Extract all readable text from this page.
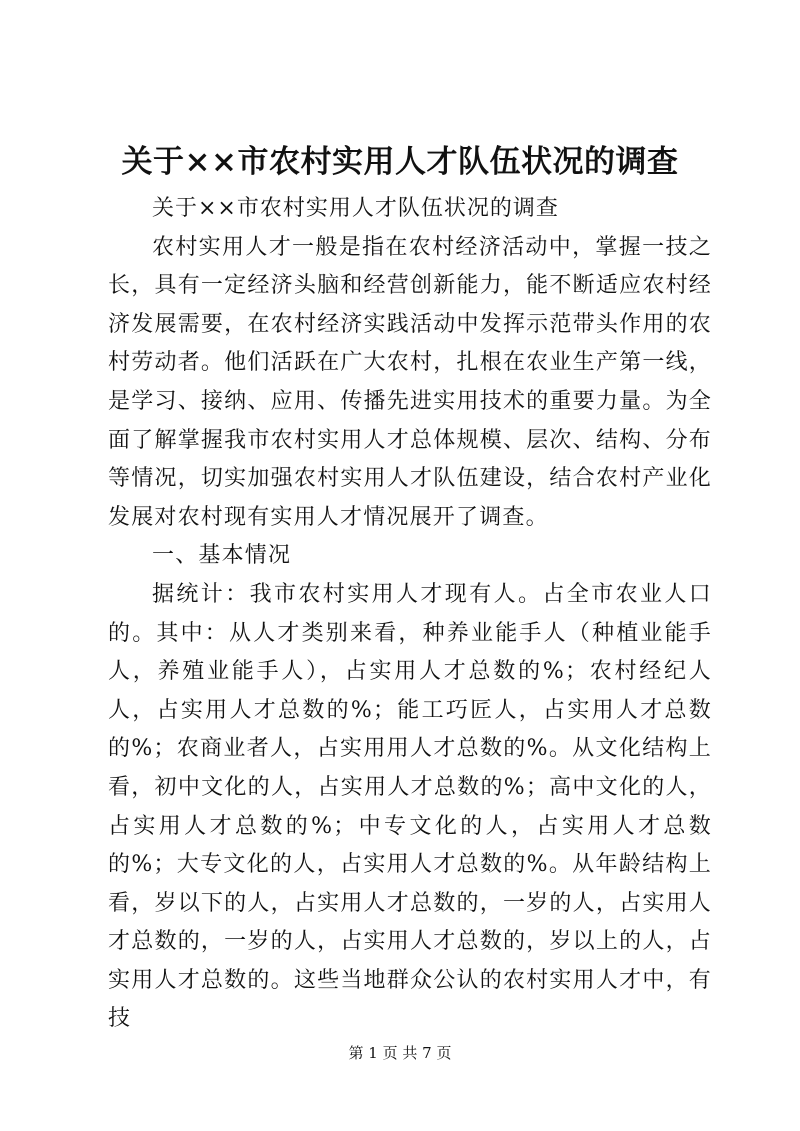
关于××市农村实用人才队伍状况的调查

关于××市农村实用人才队伍状况的调查

农村实用人才一般是指在农村经济活动中，掌握一技之长，具有一定经济头脑和经营创新能力，能不断适应农村经济发展需要，在农村经济实践活动中发挥示范带头作用的农村劳动者。他们活跃在广大农村，扎根在农业生产第一线，是学习、接纳、应用、传播先进实用技术的重要力量。为全面了解掌握我市农村实用人才总体规模、层次、结构、分布等情况，切实加强农村实用人才队伍建设，结合农村产业化发展对农村现有实用人才情况展开了调查。

一、基本情况

据统计：我市农村实用人才现有人。占全市农业人口的。其中：从人才类别来看，种养业能手人（种植业能手人，养殖业能手人），占实用人才总数的%；农村经纪人人，占实用人才总数的%；能工巧匠人，占实用人才总数的%；农商业者人，占实用用人才总数的%。从文化结构上看，初中文化的人，占实用人才总数的%；高中文化的人，占实用人才总数的%；中专文化的人，占实用人才总数的%；大专文化的人，占实用人才总数的%。从年龄结构上看，岁以下的人，占实用人才总数的，一岁的人，占实用人才总数的，一岁的人，占实用人才总数的，岁以上的人，占实用人才总数的。这些当地群众公认的农村实用人才中，有技

第 1 页 共 7 页
